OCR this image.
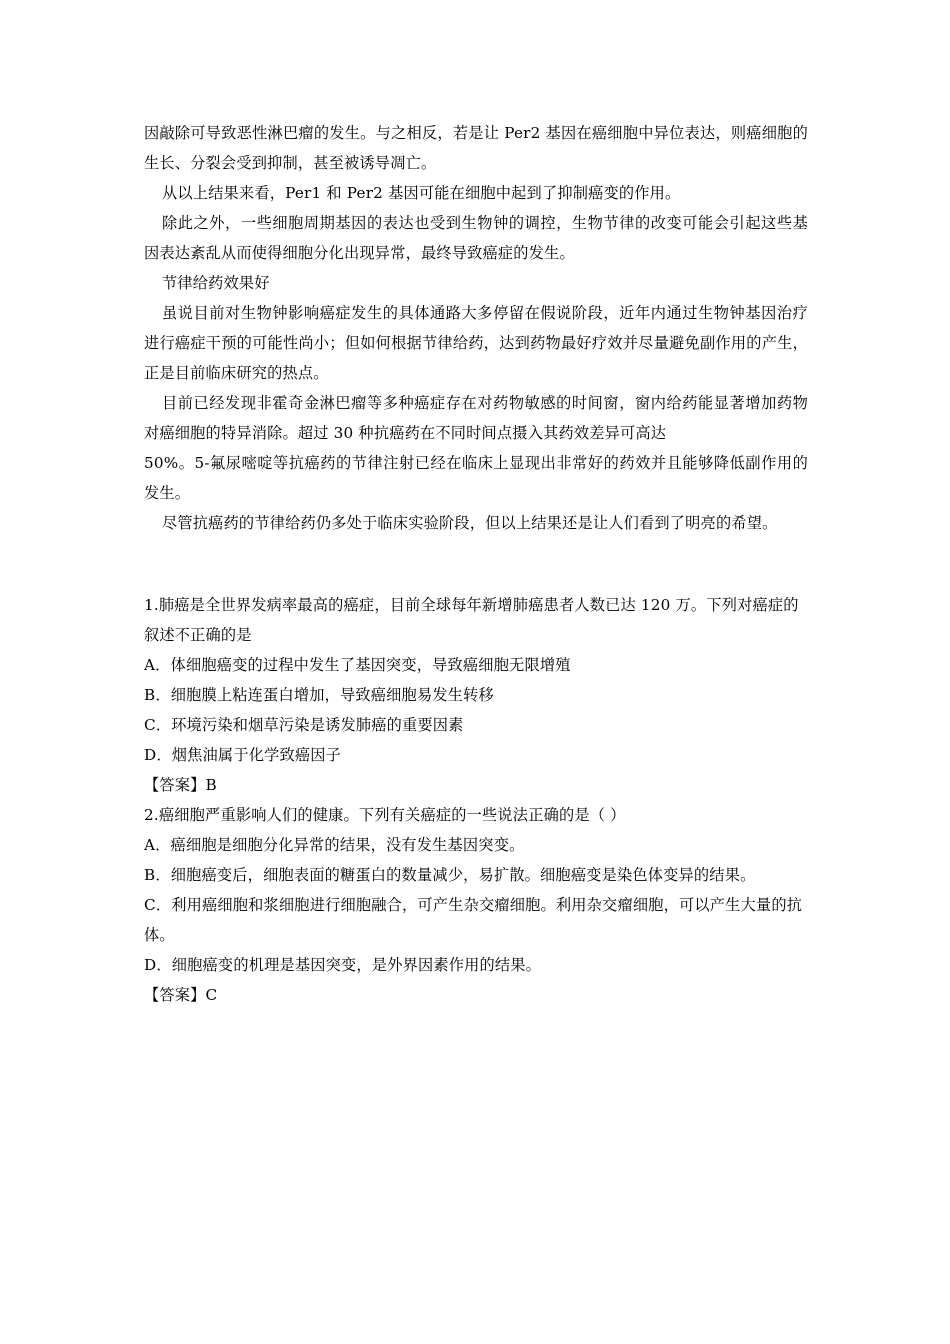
因敲除可导致恶性淋巴瘤的发生。与之相反，若是让 Per2 基因在癌细胞中异位表达，则癌细胞的生长、分裂会受到抑制，甚至被诱导凋亡。

从以上结果来看，Per1 和 Per2 基因可能在细胞中起到了抑制癌变的作用。

除此之外，一些细胞周期基因的表达也受到生物钟的调控，生物节律的改变可能会引起这些基因表达紊乱从而使得细胞分化出现异常，最终导致癌症的发生。

节律给药效果好

虽说目前对生物钟影响癌症发生的具体通路大多停留在假说阶段，近年内通过生物钟基因治疗进行癌症干预的可能性尚小；但如何根据节律给药，达到药物最好疗效并尽量避免副作用的产生，正是目前临床研究的热点。

目前已经发现非霍奇金淋巴瘤等多种癌症存在对药物敏感的时间窗，窗内给药能显著增加药物对癌细胞的特异消除。超过 30 种抗癌药在不同时间点摄入其药效差异可高达

50%。5-氟尿嘧啶等抗癌药的节律注射已经在临床上显现出非常好的药效并且能够降低副作用的发生。

尽管抗癌药的节律给药仍多处于临床实验阶段，但以上结果还是让人们看到了明亮的希望。

1.肺癌是全世界发病率最高的癌症，目前全球每年新增肺癌患者人数已达 120 万。下列对癌症的叙述不正确的是

A．体细胞癌变的过程中发生了基因突变，导致癌细胞无限增殖

B．细胞膜上粘连蛋白增加，导致癌细胞易发生转移

C．环境污染和烟草污染是诱发肺癌的重要因素

D．烟焦油属于化学致癌因子

【答案】B

2.癌细胞严重影响人们的健康。下列有关癌症的一些说法正确的是（ ）

A．癌细胞是细胞分化异常的结果，没有发生基因突变。

B．细胞癌变后，细胞表面的糖蛋白的数量减少，易扩散。细胞癌变是染色体变异的结果。

C．利用癌细胞和浆细胞进行细胞融合，可产生杂交瘤细胞。利用杂交瘤细胞，可以产生大量的抗体。

D．细胞癌变的机理是基因突变，是外界因素作用的结果。

【答案】C
